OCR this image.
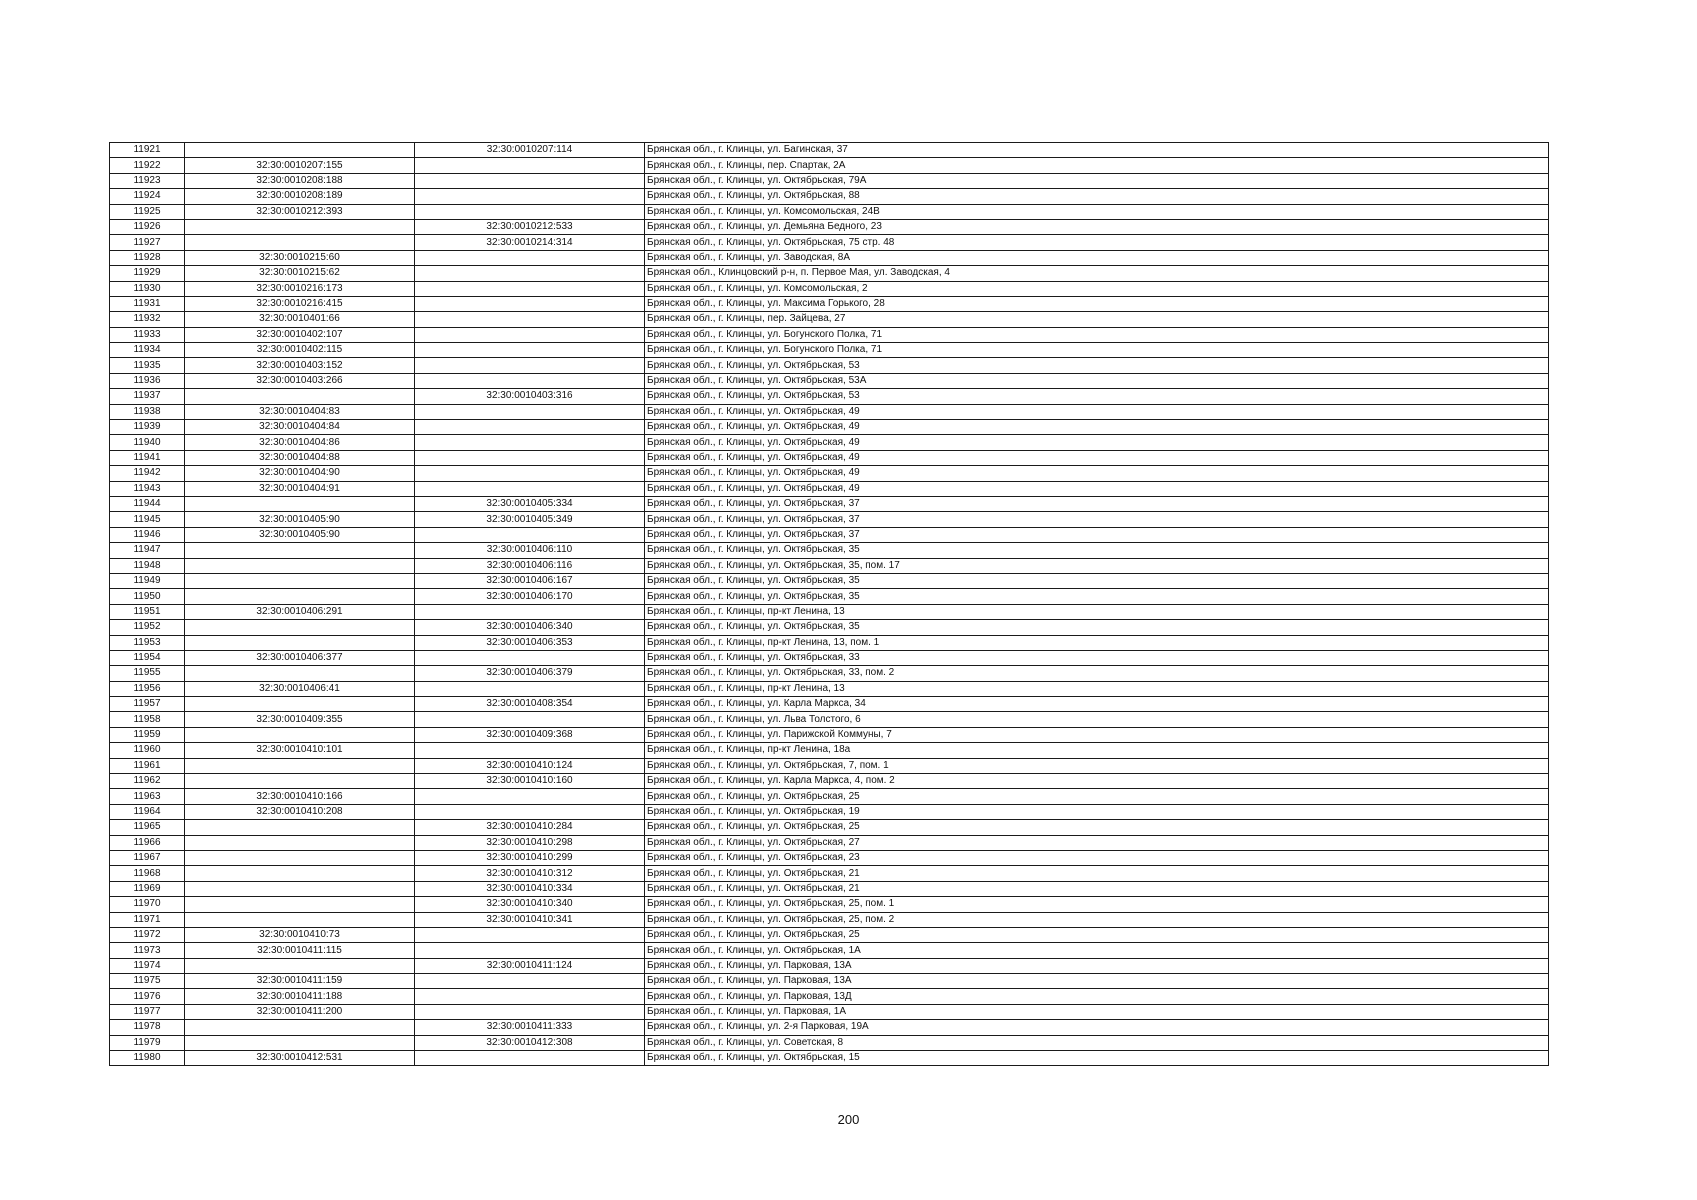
11921		32:30:0010207:114	Брянская обл., г. Клинцы, ул. Багинская, 37
11922	32:30:0010207:155		Брянская обл., г. Клинцы, пер. Спартак, 2А
11923	32:30:0010208:188		Брянская обл., г. Клинцы, ул. Октябрьская, 79А
11924	32:30:0010208:189		Брянская обл., г. Клинцы, ул. Октябрьская, 88
11925	32:30:0010212:393		Брянская обл., г. Клинцы, ул. Комсомольская, 24В
11926		32:30:0010212:533	Брянская обл., г. Клинцы, ул. Демьяна Бедного, 23
11927		32:30:0010214:314	Брянская обл., г. Клинцы, ул. Октябрьская, 75 стр. 48
11928	32:30:0010215:60		Брянская обл., г. Клинцы, ул. Заводская, 8А
11929	32:30:0010215:62		Брянская обл., Клинцовский р-н, п. Первое Мая, ул. Заводская, 4
11930	32:30:0010216:173		Брянская обл., г. Клинцы, ул. Комсомольская, 2
11931	32:30:0010216:415		Брянская обл., г. Клинцы, ул. Максима Горького, 28
11932	32:30:0010401:66		Брянская обл., г. Клинцы, пер. Зайцева, 27
11933	32:30:0010402:107		Брянская обл., г. Клинцы, ул. Богунского Полка, 71
11934	32:30:0010402:115		Брянская обл., г. Клинцы, ул. Богунского Полка, 71
11935	32:30:0010403:152		Брянская обл., г. Клинцы, ул. Октябрьская, 53
11936	32:30:0010403:266		Брянская обл., г. Клинцы, ул. Октябрьская, 53А
11937		32:30:0010403:316	Брянская обл., г. Клинцы, ул. Октябрьская, 53
11938	32:30:0010404:83		Брянская обл., г. Клинцы, ул. Октябрьская, 49
11939	32:30:0010404:84		Брянская обл., г. Клинцы, ул. Октябрьская, 49
11940	32:30:0010404:86		Брянская обл., г. Клинцы, ул. Октябрьская, 49
11941	32:30:0010404:88		Брянская обл., г. Клинцы, ул. Октябрьская, 49
11942	32:30:0010404:90		Брянская обл., г. Клинцы, ул. Октябрьская, 49
11943	32:30:0010404:91		Брянская обл., г. Клинцы, ул. Октябрьская, 49
11944		32:30:0010405:334	Брянская обл., г. Клинцы, ул. Октябрьская, 37
11945	32:30:0010405:90	32:30:0010405:349	Брянская обл., г. Клинцы, ул. Октябрьская, 37
11946	32:30:0010405:90		Брянская обл., г. Клинцы, ул. Октябрьская, 37
11947		32:30:0010406:110	Брянская обл., г. Клинцы, ул. Октябрьская, 35
11948		32:30:0010406:116	Брянская обл., г. Клинцы, ул. Октябрьская, 35, пом. 17
11949		32:30:0010406:167	Брянская обл., г. Клинцы, ул. Октябрьская, 35
11950		32:30:0010406:170	Брянская обл., г. Клинцы, ул. Октябрьская, 35
11951	32:30:0010406:291		Брянская обл., г. Клинцы, пр-кт Ленина, 13
11952		32:30:0010406:340	Брянская обл., г. Клинцы, ул. Октябрьская, 35
11953		32:30:0010406:353	Брянская обл., г. Клинцы, пр-кт Ленина, 13, пом. 1
11954	32:30:0010406:377		Брянская обл., г. Клинцы, ул. Октябрьская, 33
11955		32:30:0010406:379	Брянская обл., г. Клинцы, ул. Октябрьская, 33, пом. 2
11956	32:30:0010406:41		Брянская обл., г. Клинцы, пр-кт Ленина, 13
11957		32:30:0010408:354	Брянская обл., г. Клинцы, ул. Карла Маркса, 34
11958	32:30:0010409:355		Брянская обл., г. Клинцы, ул. Льва Толстого, 6
11959		32:30:0010409:368	Брянская обл., г. Клинцы, ул. Парижской Коммуны, 7
11960	32:30:0010410:101		Брянская обл., г. Клинцы, пр-кт Ленина, 18а
11961		32:30:0010410:124	Брянская обл., г. Клинцы, ул. Октябрьская, 7, пом. 1
11962		32:30:0010410:160	Брянская обл., г. Клинцы, ул. Карла Маркса, 4, пом. 2
11963	32:30:0010410:166		Брянская обл., г. Клинцы, ул. Октябрьская, 25
11964	32:30:0010410:208		Брянская обл., г. Клинцы, ул. Октябрьская, 19
11965		32:30:0010410:284	Брянская обл., г. Клинцы, ул. Октябрьская, 25
11966		32:30:0010410:298	Брянская обл., г. Клинцы, ул. Октябрьская, 27
11967		32:30:0010410:299	Брянская обл., г. Клинцы, ул. Октябрьская, 23
11968		32:30:0010410:312	Брянская обл., г. Клинцы, ул. Октябрьская, 21
11969		32:30:0010410:334	Брянская обл., г. Клинцы, ул. Октябрьская, 21
11970		32:30:0010410:340	Брянская обл., г. Клинцы, ул. Октябрьская, 25, пом. 1
11971		32:30:0010410:341	Брянская обл., г. Клинцы, ул. Октябрьская, 25, пом. 2
11972	32:30:0010410:73		Брянская обл., г. Клинцы, ул. Октябрьская, 25
11973	32:30:0010411:115		Брянская обл., г. Клинцы, ул. Октябрьская, 1А
11974		32:30:0010411:124	Брянская обл., г. Клинцы, ул. Парковая, 13А
11975	32:30:0010411:159		Брянская обл., г. Клинцы, ул. Парковая, 13А
11976	32:30:0010411:188		Брянская обл., г. Клинцы, ул. Парковая, 13Д
11977	32:30:0010411:200		Брянская обл., г. Клинцы, ул. Парковая, 1А
11978		32:30:0010411:333	Брянская обл., г. Клинцы, ул. 2-я Парковая, 19А
11979		32:30:0010412:308	Брянская обл., г. Клинцы, ул. Советская, 8
11980	32:30:0010412:531		Брянская обл., г. Клинцы, ул. Октябрьская, 15
200
